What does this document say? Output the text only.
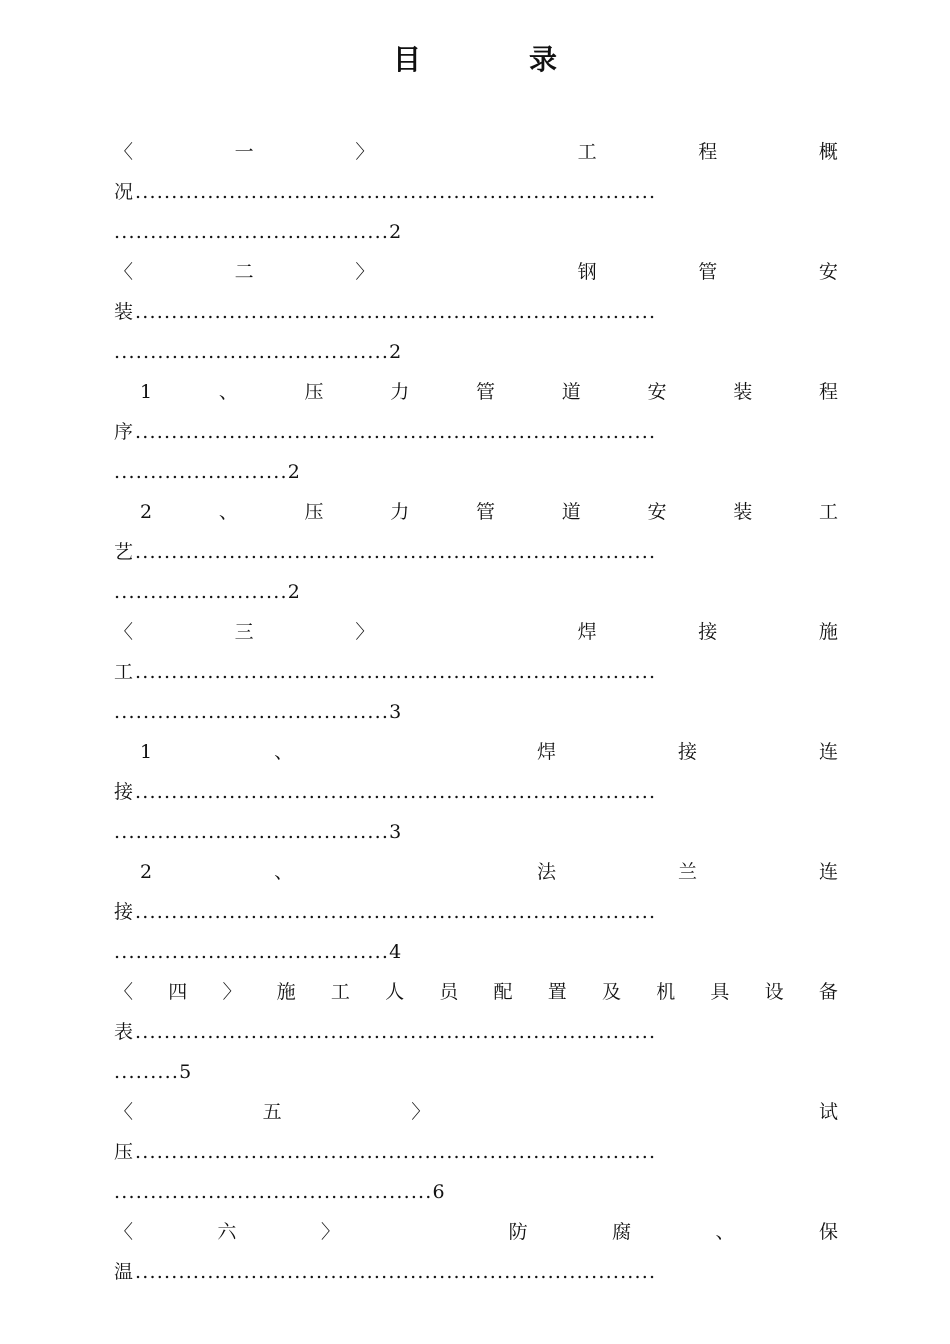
目　录
〈	一	〉	工	程	概
况 ........................................................................
......................................2
〈	二	〉	钢	管	安
装 ........................................................................
......................................2
1	、	压	力	管	道	安	装	程
序 ........................................................................
........................2
2	、	压	力	管	道	安	装	工
艺 ........................................................................
........................2
〈	三	〉	焊	接	施
工 ........................................................................
......................................3
1	、	焊	接	连
接 ........................................................................
......................................3
2	、	法	兰	连
接 ........................................................................
......................................4
〈 四 〉 施 工 人 员 配 置 及 机 具 设 备
表 ........................................................................
.........5
〈	五	〉	试
压 ........................................................................
............................................6
〈	六	〉	防	腐	、	保
温 ........................................................................
